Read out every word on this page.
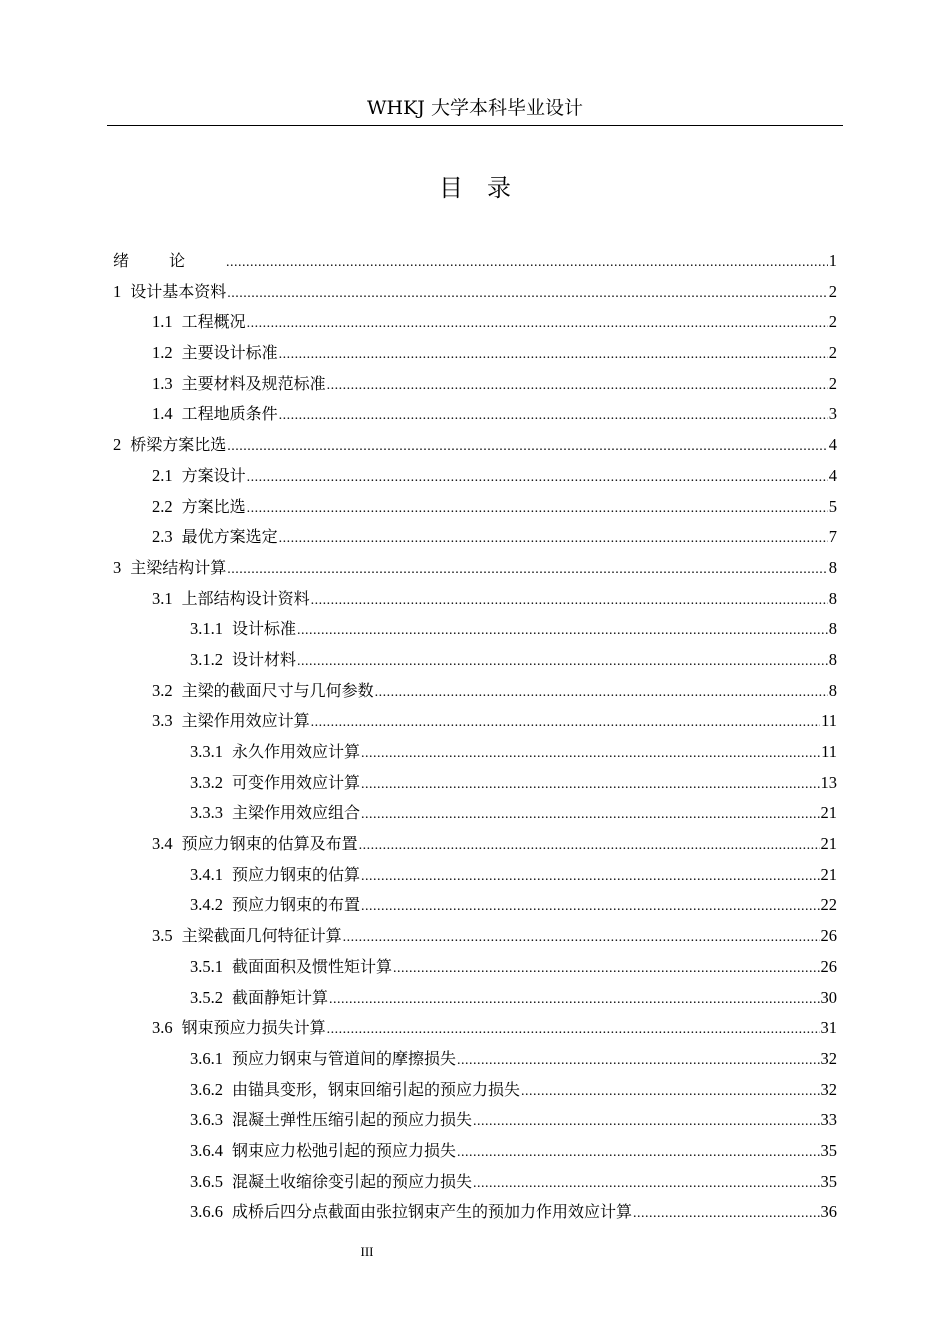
WHKJ 大学本科毕业设计
目录
绪论 .....	1
1 设计基本资料 .....	2
1.1 工程概况 .....	2
1.2 主要设计标准 .....	2
1.3 主要材料及规范标准 .....	2
1.4 工程地质条件 .....	3
2 桥梁方案比选 .....	4
2.1 方案设计 .....	4
2.2 方案比选 .....	5
2.3 最优方案选定 .....	7
3 主梁结构计算 .....	8
3.1 上部结构设计资料 .....	8
3.1.1 设计标准 .....	8
3.1.2 设计材料 .....	8
3.2 主梁的截面尺寸与几何参数 .....	8
3.3 主梁作用效应计算 .....	11
3.3.1 永久作用效应计算 .....	11
3.3.2 可变作用效应计算 .....	13
3.3.3 主梁作用效应组合 .....	21
3.4 预应力钢束的估算及布置 .....	21
3.4.1 预应力钢束的估算 .....	21
3.4.2 预应力钢束的布置 .....	22
3.5 主梁截面几何特征计算 .....	26
3.5.1 截面面积及惯性矩计算 .....	26
3.5.2 截面静矩计算 .....	30
3.6 钢束预应力损失计算 .....	31
3.6.1 预应力钢束与管道间的摩擦损失 .....	32
3.6.2 由锚具变形，钢束回缩引起的预应力损失 .....	32
3.6.3 混凝土弹性压缩引起的预应力损失 .....	33
3.6.4 钢束应力松弛引起的预应力损失 .....	35
3.6.5 混凝土收缩徐变引起的预应力损失 .....	35
3.6.6 成桥后四分点截面由张拉钢束产生的预加力作用效应计算 .....	36
III
